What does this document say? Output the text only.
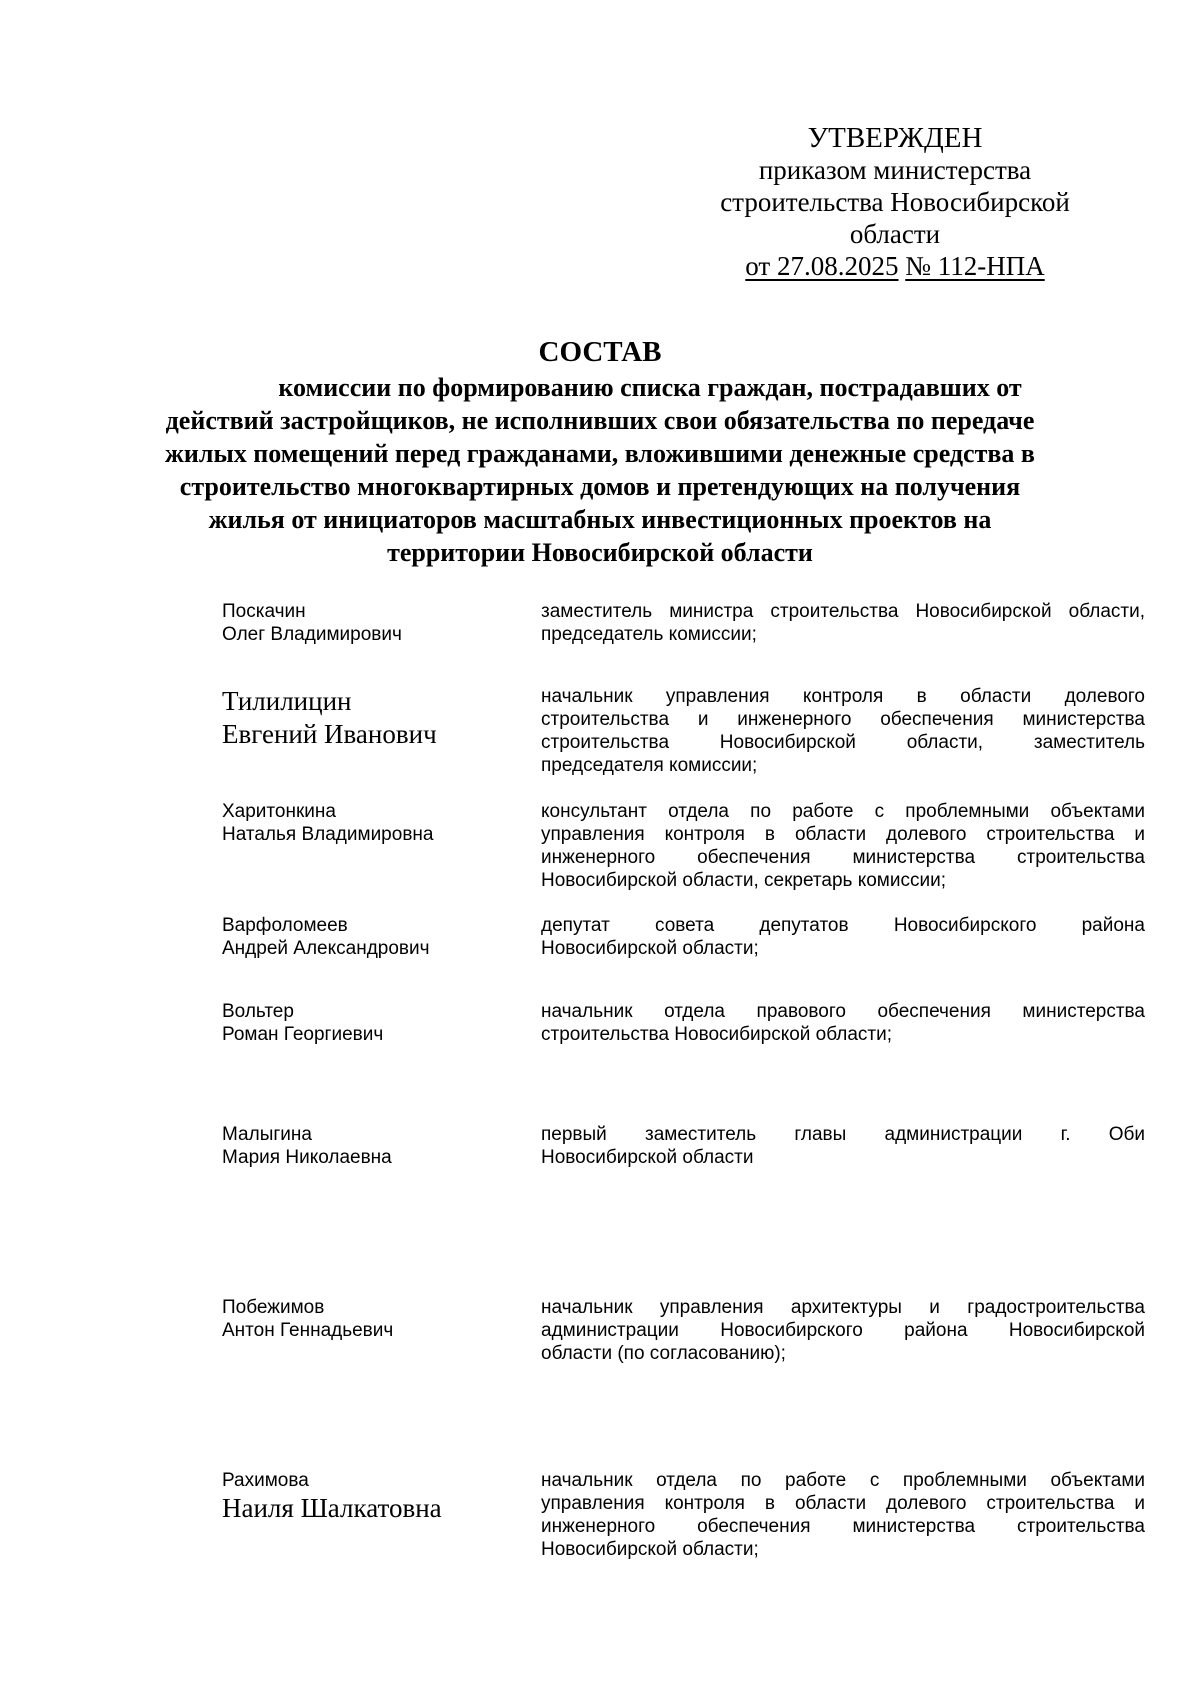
УТВЕРЖДЕН
приказом министерства
строительства Новосибирской
области
от 27.08.2025 № 112-НПА
СОСТАВ
комиссии по формированию списка граждан, пострадавших от
действий застройщиков, не исполнивших свои обязательства по передаче
жилых помещений перед гражданами, вложившими денежные средства в
строительство многоквартирных домов и претендующих на получения
жилья от инициаторов масштабных инвестиционных проектов на
территории Новосибирской области
Поскачин
Олег Владимирович
заместитель министра строительства Новосибирской области,
председатель комиссии;
Тилилицин
Евгений Иванович
начальник управления контроля в области долевого
строительства и инженерного обеспечения министерства
строительства Новосибирской области, заместитель
председателя комиссии;
Харитонкина
Наталья Владимировна
консультант отдела по работе с проблемными объектами
управления контроля в области долевого строительства и
инженерного обеспечения министерства строительства
Новосибирской области, секретарь комиссии;
Варфоломеев
Андрей Александрович
депутат совета депутатов Новосибирского района
Новосибирской области;
Вольтер
Роман Георгиевич
начальник отдела правового обеспечения министерства
строительства Новосибирской области;
Малыгина
Мария Николаевна
первый заместитель главы администрации г. Оби
Новосибирской области
Побежимов
Антон Геннадьевич
начальник управления архитектуры и градостроительства
администрации Новосибирского района Новосибирской
области (по согласованию);
Рахимова
Наиля Шалкатовна
начальник отдела по работе с проблемными объектами
управления контроля в области долевого строительства и
инженерного обеспечения министерства строительства
Новосибирской области;
